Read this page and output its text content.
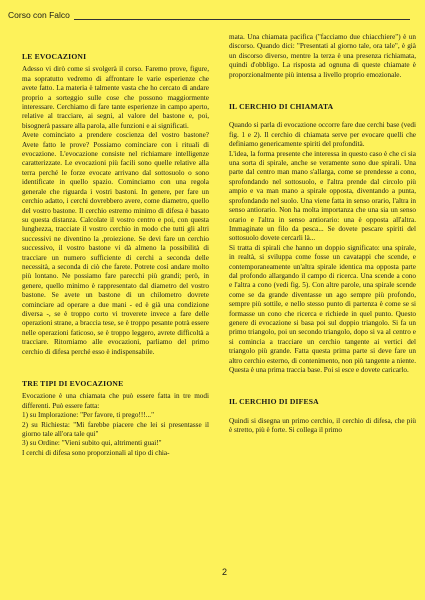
Corso con Falco
LE EVOCAZIONI

Adesso vi dirò come si svolgerà il corso. Faremo prove, figure, ma sopratutto vedremo di affrontare le varie esperienze che avete fatto. La materia è talmente vasta che ho cercato di andare proprio a sorteggio sulle cose che possono maggiormente interessare. Cerchiamo di fare tante esperienze in campo aperto, relative al tracciare, ai segni, al valore del bastone e, poi, bisognerà passare alla parola, alle funzioni e ai significati.

Avete cominciato a prendere coscienza del vostro bastone? Avete fatto le prove? Possiamo cominciare con i rituali di evocazione. L'evocazione consiste nel richiamare intelligenze caratterizzate. Le evocazioni più facili sono quelle relative alla terra perché le forze evocate arrivano dal sottosuolo o sono identificate in quello spazio. Cominciamo con una regola generale che riguarda i vostri bastoni. In genere, per fare un cerchio adatto, i cerchi dovrebbero avere, come diametro, quello del vostro bastone. Il cerchio estremo minimo di difesa è basato su questa distanza. Calcolate il vostro centro e poi, con questa lunghezza, tracciate il vostro cerchio in modo che tutti gli altri successivi ne diventino la ,proiezione. Se devi fare un cerchio successivo, il vostro bastone vi dà almeno la possibilità di tracciare un numero sufficiente di cerchi a seconda delle necessità, a seconda di ciò che farete. Potrete così andare molto più lontano. Ne possiamo fare parecchi più grandi; però, in genere, quello minimo è rappresentato dal diametro del vostro bastone. Se avete un bastone di un chilometro dovrete cominciare ad operare a due mani - ed è già una condizione diversa -, se è troppo corto vi troverete invece a fare delle operazioni strane, a braccia tese, se è troppo pesante potrà essere nelle operazioni faticoso, se è troppo leggero, avrete difficoltà a tracciare. Ritorniamo alle evocazioni, parliamo del primo cerchio di difesa perché esso è indispensabile.

TRE TIPI DI EVOCAZIONE

Evocazione è una chiamata che può essere fatta in tre modi differenti. Può essere fatta:

1) su Implorazione: "Per favore, ti prego!!!..."

2) su Richiesta: "Mi farebbe piacere che lei si presentasse il giorno tale all'ora tale qui"

3) su Ordine: "Vieni subito qui, altrimenti guai!"

I cerchi di difesa sono proporzionali al tipo di chia-

mata. Una chiamata pacifica ("facciamo due chiacchiere") è un discorso. Quando dici: "Presentati al giorno tale, ora tale", è già un discorso diverso, mentre la terza è una presenza richiamata, quindi d'obbligo. La risposta ad ognuna di queste chiamate è proporzionalmente più intensa a livello proprio emozionale.

IL CERCHIO DI CHIAMATA

Quando si parla di evocazione occorre fare due cerchi base (vedi fig. 1 e 2). Il cerchio di chiamata serve per evocare quelli che definiamo genericamente spiriti del profondità.

L'idea, la forma presente che interessa in questo caso è che ci sia una sorta di spirale, anche se veramente sono due spirali. Una parte dal centro man mano s'allarga, come se prendesse a cono, sprofondando nel sottosuolo, e l'altra prende dal circolo più ampio e va man mano a spirale opposta, diventando a punta, sprofondando nel suolo. Una viene fatta in senso orario, l'altra in senso antiorario. Non ha molta importanza che una sia un senso orario e l'altra in senso antiorario: una è opposta all'altra. Immaginate un filo da pesca... Se dovete pescare spiriti del sottosuolo dovete cercarli là...

Si tratta di spirali che hanno un doppio significato: una spirale, in realtà, si sviluppa come fosse un cavatappi che scende, e contemporaneamente un'altra spirale identica ma opposta parte dal profondo allargando il campo di ricerca. Una scende a cono e l'altra a cono (vedi fig. 5). Con altre parole, una spirale scende come se da grande diventasse un ago sempre più profondo, sempre più sottile, e nello stesso punto di partenza è come se si formasse un cono che ricerca e richiede in quel punto. Questo genere di evocazione si basa poi sul doppio triangolo. Si fa un primo triangolo, poi un secondo triangolo, dopo si va al centro e si comincia a tracciare un cerchio tangente ai vertici del triangolo più grande. Fatta questa prima parte si deve fare un altro cerchio esterno, di contenimento, non più tangente a niente. Questa è una prima traccia base. Poi si esce e dovete caricarlo.

IL CERCHIO DI DIFESA

Quindi si disegna un primo cerchio, il cerchio di difesa, che più è stretto, più è forte. Si collega il primo

2
